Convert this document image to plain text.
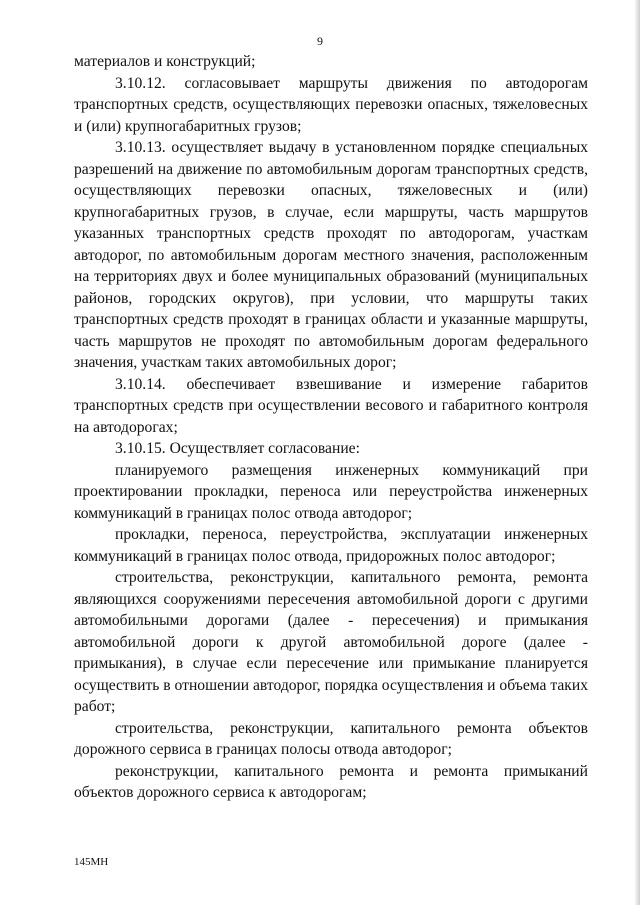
9

материалов и конструкций;

3.10.12. согласовывает маршруты движения по автодорогам транспортных средств, осуществляющих перевозки опасных, тяжеловесных и (или) крупногабаритных грузов;

3.10.13. осуществляет выдачу в установленном порядке специальных разрешений на движение по автомобильным дорогам транспортных средств, осуществляющих перевозки опасных, тяжеловесных и (или) крупногабаритных грузов, в случае, если маршруты, часть маршрутов указанных транспортных средств проходят по автодорогам, участкам автодорог, по автомобильным дорогам местного значения, расположенным на территориях двух и более муниципальных образований (муниципальных районов, городских округов), при условии, что маршруты таких транспортных средств проходят в границах области и указанные маршруты, часть маршрутов не проходят по автомобильным дорогам федерального значения, участкам таких автомобильных дорог;

3.10.14. обеспечивает взвешивание и измерение габаритов транспортных средств при осуществлении весового и габаритного контроля на автодорогах;

3.10.15. Осуществляет согласование:

планируемого размещения инженерных коммуникаций при проектировании прокладки, переноса или переустройства инженерных коммуникаций в границах полос отвода автодорог;

прокладки, переноса, переустройства, эксплуатации инженерных коммуникаций в границах полос отвода, придорожных полос автодорог;

строительства, реконструкции, капитального ремонта, ремонта являющихся сооружениями пересечения автомобильной дороги с другими автомобильными дорогами (далее - пересечения) и примыкания автомобильной дороги к другой автомобильной дороге (далее - примыкания), в случае если пересечение или примыкание планируется осуществить в отношении автодорог, порядка осуществления и объема таких работ;

строительства, реконструкции, капитального ремонта объектов дорожного сервиса в границах полосы отвода автодорог;

реконструкции, капитального ремонта и ремонта примыканий объектов дорожного сервиса к автодорогам;

145МН
